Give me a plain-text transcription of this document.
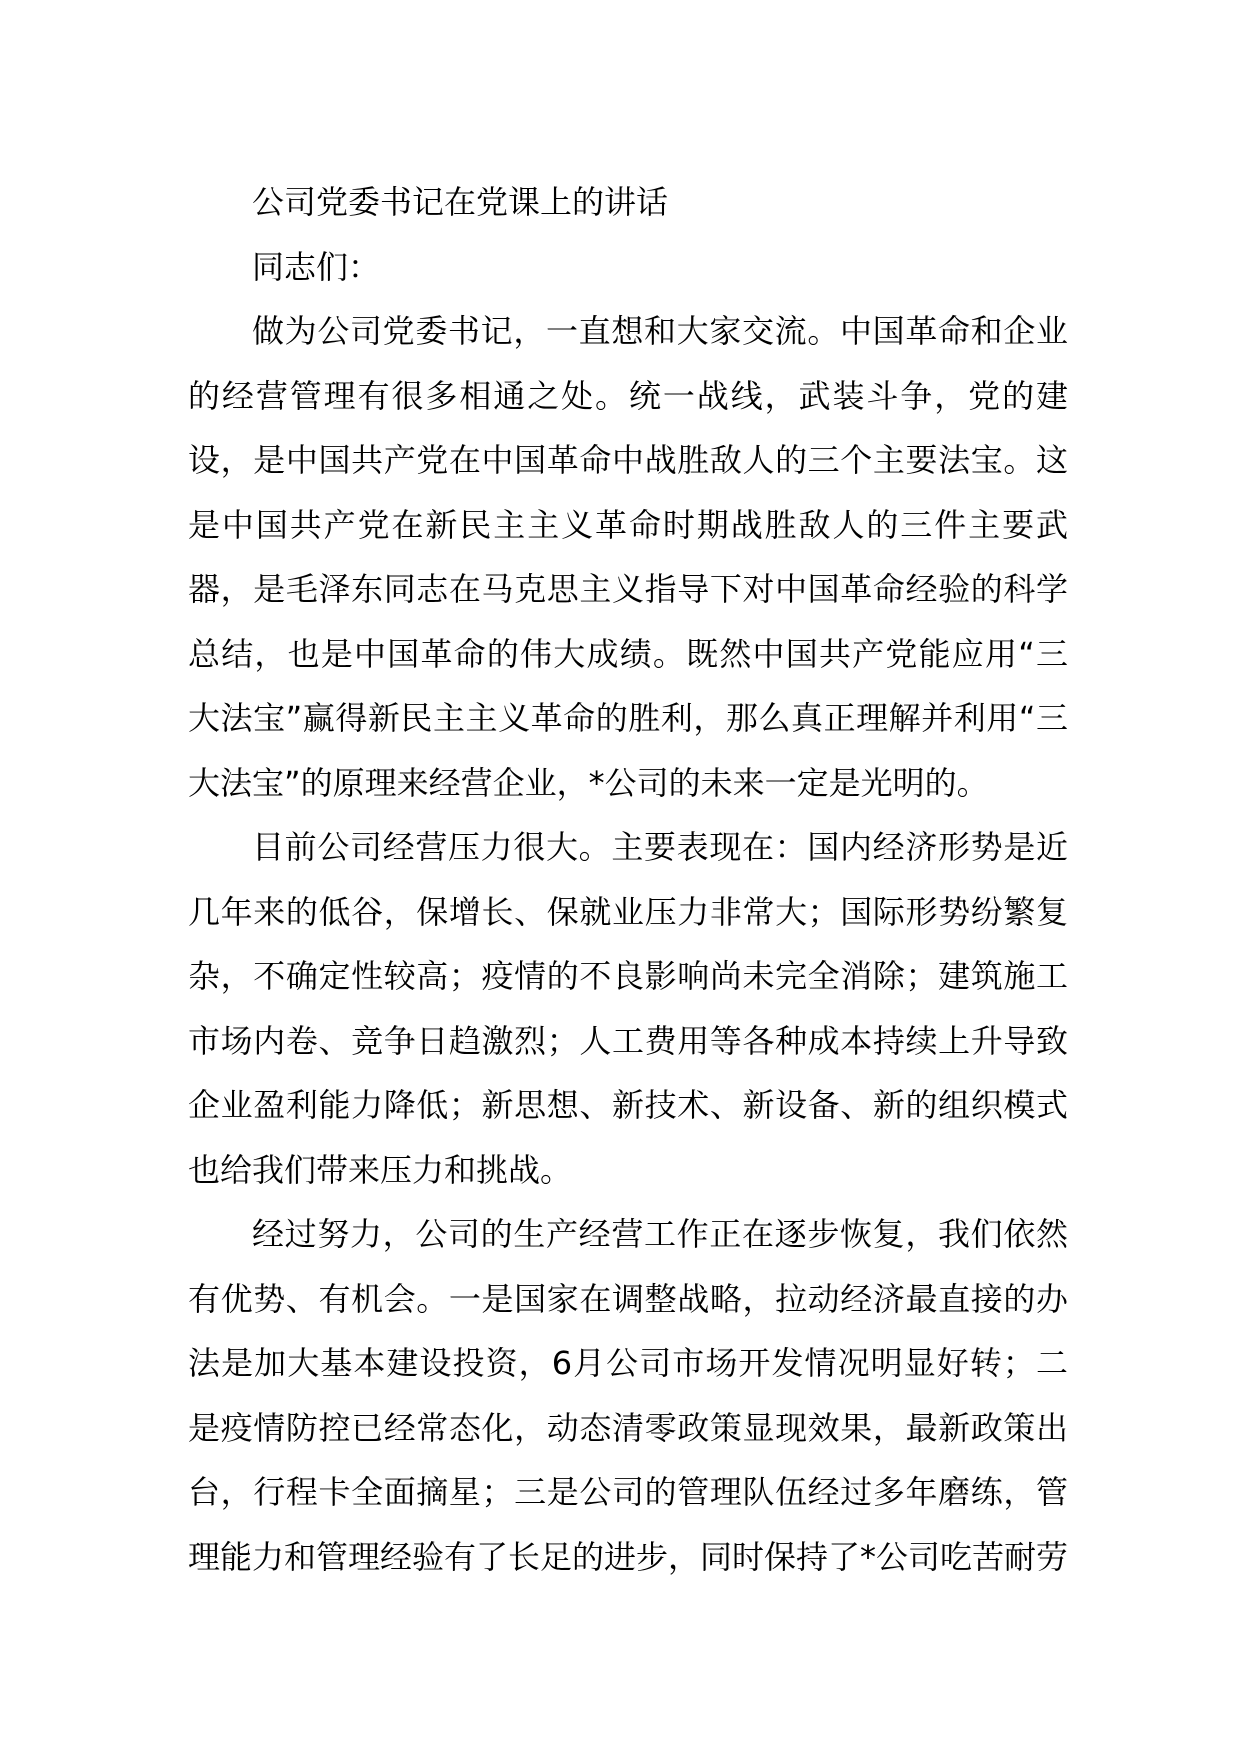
公司党委书记在党课上的讲话

同志们：

做为公司党委书记，一直想和大家交流。中国革命和企业的经营管理有很多相通之处。统一战线，武装斗争，党的建设，是中国共产党在中国革命中战胜敌人的三个主要法宝。这是中国共产党在新民主主义革命时期战胜敌人的三件主要武器，是毛泽东同志在马克思主义指导下对中国革命经验的科学总结，也是中国革命的伟大成绩。既然中国共产党能应用“三大法宝”赢得新民主主义革命的胜利，那么真正理解并利用“三大法宝”的原理来经营企业，*公司的未来一定是光明的。

目前公司经营压力很大。主要表现在：国内经济形势是近几年来的低谷，保增长、保就业压力非常大；国际形势纷繁复杂，不确定性较高；疫情的不良影响尚未完全消除；建筑施工市场内卷、竞争日趋激烈；人工费用等各种成本持续上升导致企业盈利能力降低；新思想、新技术、新设备、新的组织模式也给我们带来压力和挑战。

经过努力，公司的生产经营工作正在逐步恢复，我们依然有优势、有机会。一是国家在调整战略，拉动经济最直接的办法是加大基本建设投资，6月公司市场开发情况明显好转；二是疫情防控已经常态化，动态清零政策显现效果，最新政策出台，行程卡全面摘星；三是公司的管理队伍经过多年磨练，管理能力和管理经验有了长足的进步，同时保持了*公司吃苦耐劳
